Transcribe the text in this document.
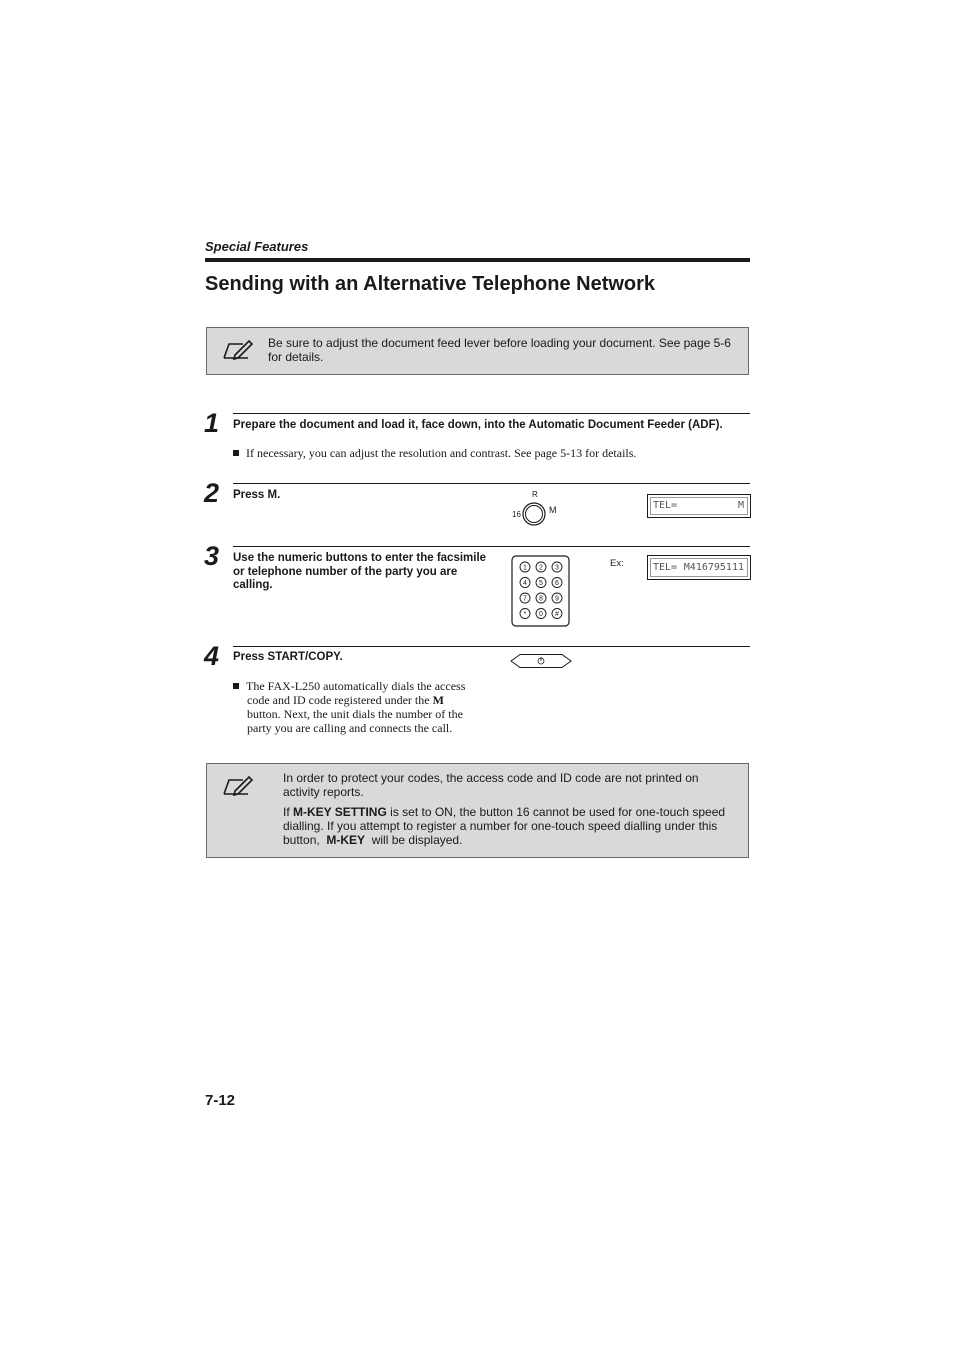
Special Features
Sending with an Alternative Telephone Network
Be sure to adjust the document feed lever before loading your document. See page 5-6
for details.
1 Prepare the document and load it, face down, into the Automatic Document Feeder (ADF).
If necessary, you can adjust the resolution and contrast. See page 5-13 for details.
2 Press M.	R
16	M	TEL=	M
3 Use the numeric buttons to enter the facsimile
or telephone number of the party you are
calling.
1 2 3
4 5 6
7 8 9
* 0 #
Ex:	TEL= M416795111
4 Press START/COPY.
The FAX-L250 automatically dials the access
code and ID code registered under the M
button. Next, the unit dials the number of the
party you are calling and connects the call.
In order to protect your codes, the access code and ID code are not printed on
activity reports.
If M-KEY SETTING is set to ON, the button 16 cannot be used for one-touch speed
dialling. If you attempt to register a number for one-touch speed dialling under this
button, M-KEY will be displayed.
7-12
